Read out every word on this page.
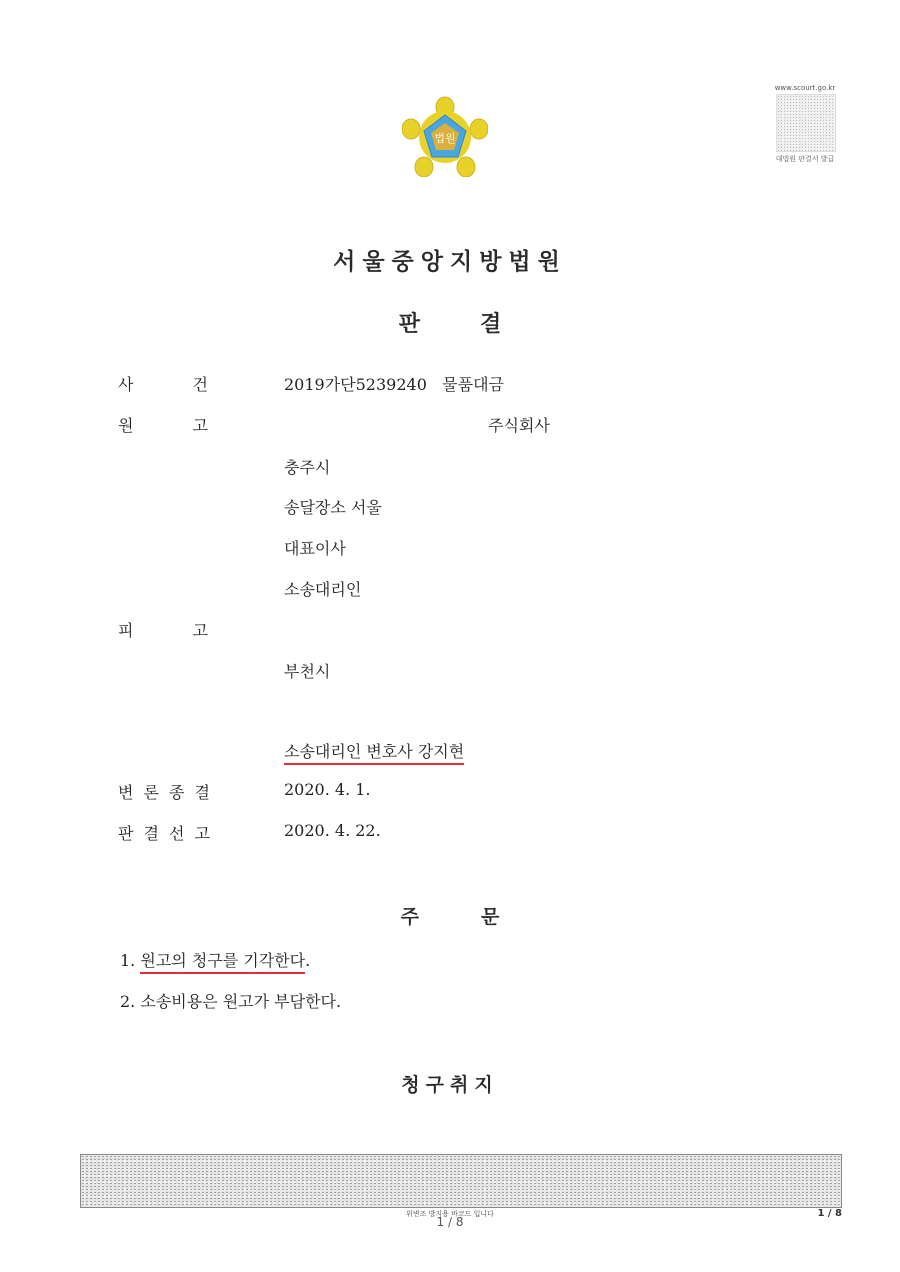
법원
www.scourt.go.kr
대법원 판결서 발급
서울중앙지방법원
판결
사	건	2019가단5239240 물품대금
원	고	주식회사
충주시
송달장소 서울
대표이사
소송대리인
피	고
부천시
소송대리인 변호사 강지현
변 론 종 결	2020. 4. 1.
판 결 선 고	2020. 4. 22.
주문
1. 원고의 청구를 기각한다.
2. 소송비용은 원고가 부담한다.
청구취지
위변조 방지용 바코드 입니다
1 / 8
1 / 8
